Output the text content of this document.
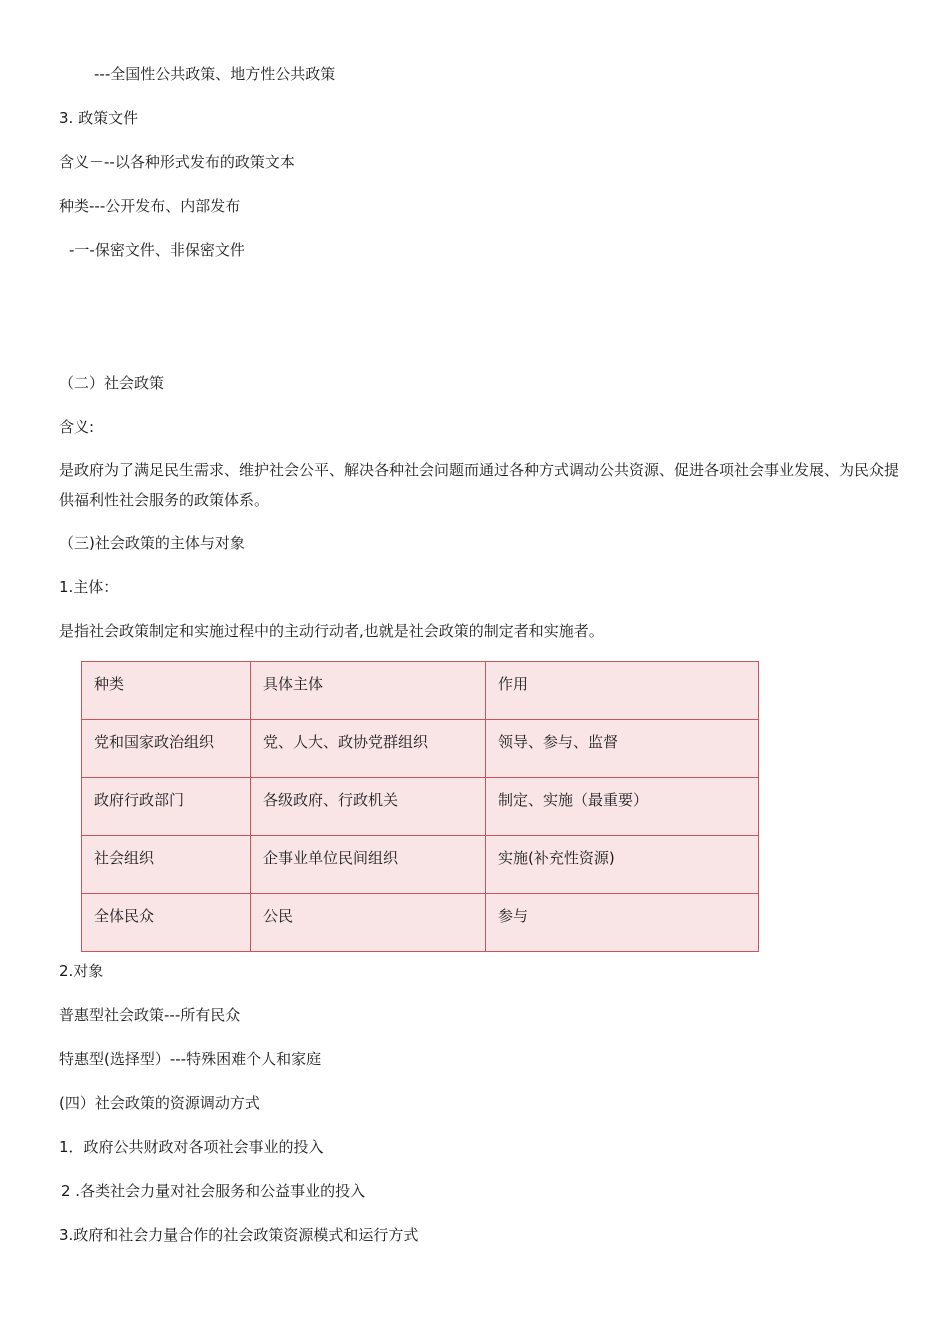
---全国性公共政策、地方性公共政策
3. 政策文件
含义－--以各种形式发布的政策文本
种类---公开发布、内部发布
-一-保密文件、非保密文件
（二）社会政策
含义:
是政府为了满足民生需求、维护社会公平、解决各种社会问题而通过各种方式调动公共资源、促进各项社会事业发展、为民众提供福利性社会服务的政策体系。
（三)社会政策的主体与对象
1.主体：
是指社会政策制定和实施过程中的主动行动者,也就是社会政策的制定者和实施者。
种类	具体主体	作用
党和国家政治组织	党、人大、政协党群组织	领导、参与、监督
政府行政部门	各级政府、行政机关	制定、实施（最重要）
社会组织	企事业单位民间组织	实施(补充性资源)
全体民众	公民	参与
2.对象
普惠型社会政策---所有民众
特惠型(选择型）---特殊困难个人和家庭
(四）社会政策的资源调动方式
1．政府公共财政对各项社会事业的投入
2 .各类社会力量对社会服务和公益事业的投入
3.政府和社会力量合作的社会政策资源模式和运行方式
